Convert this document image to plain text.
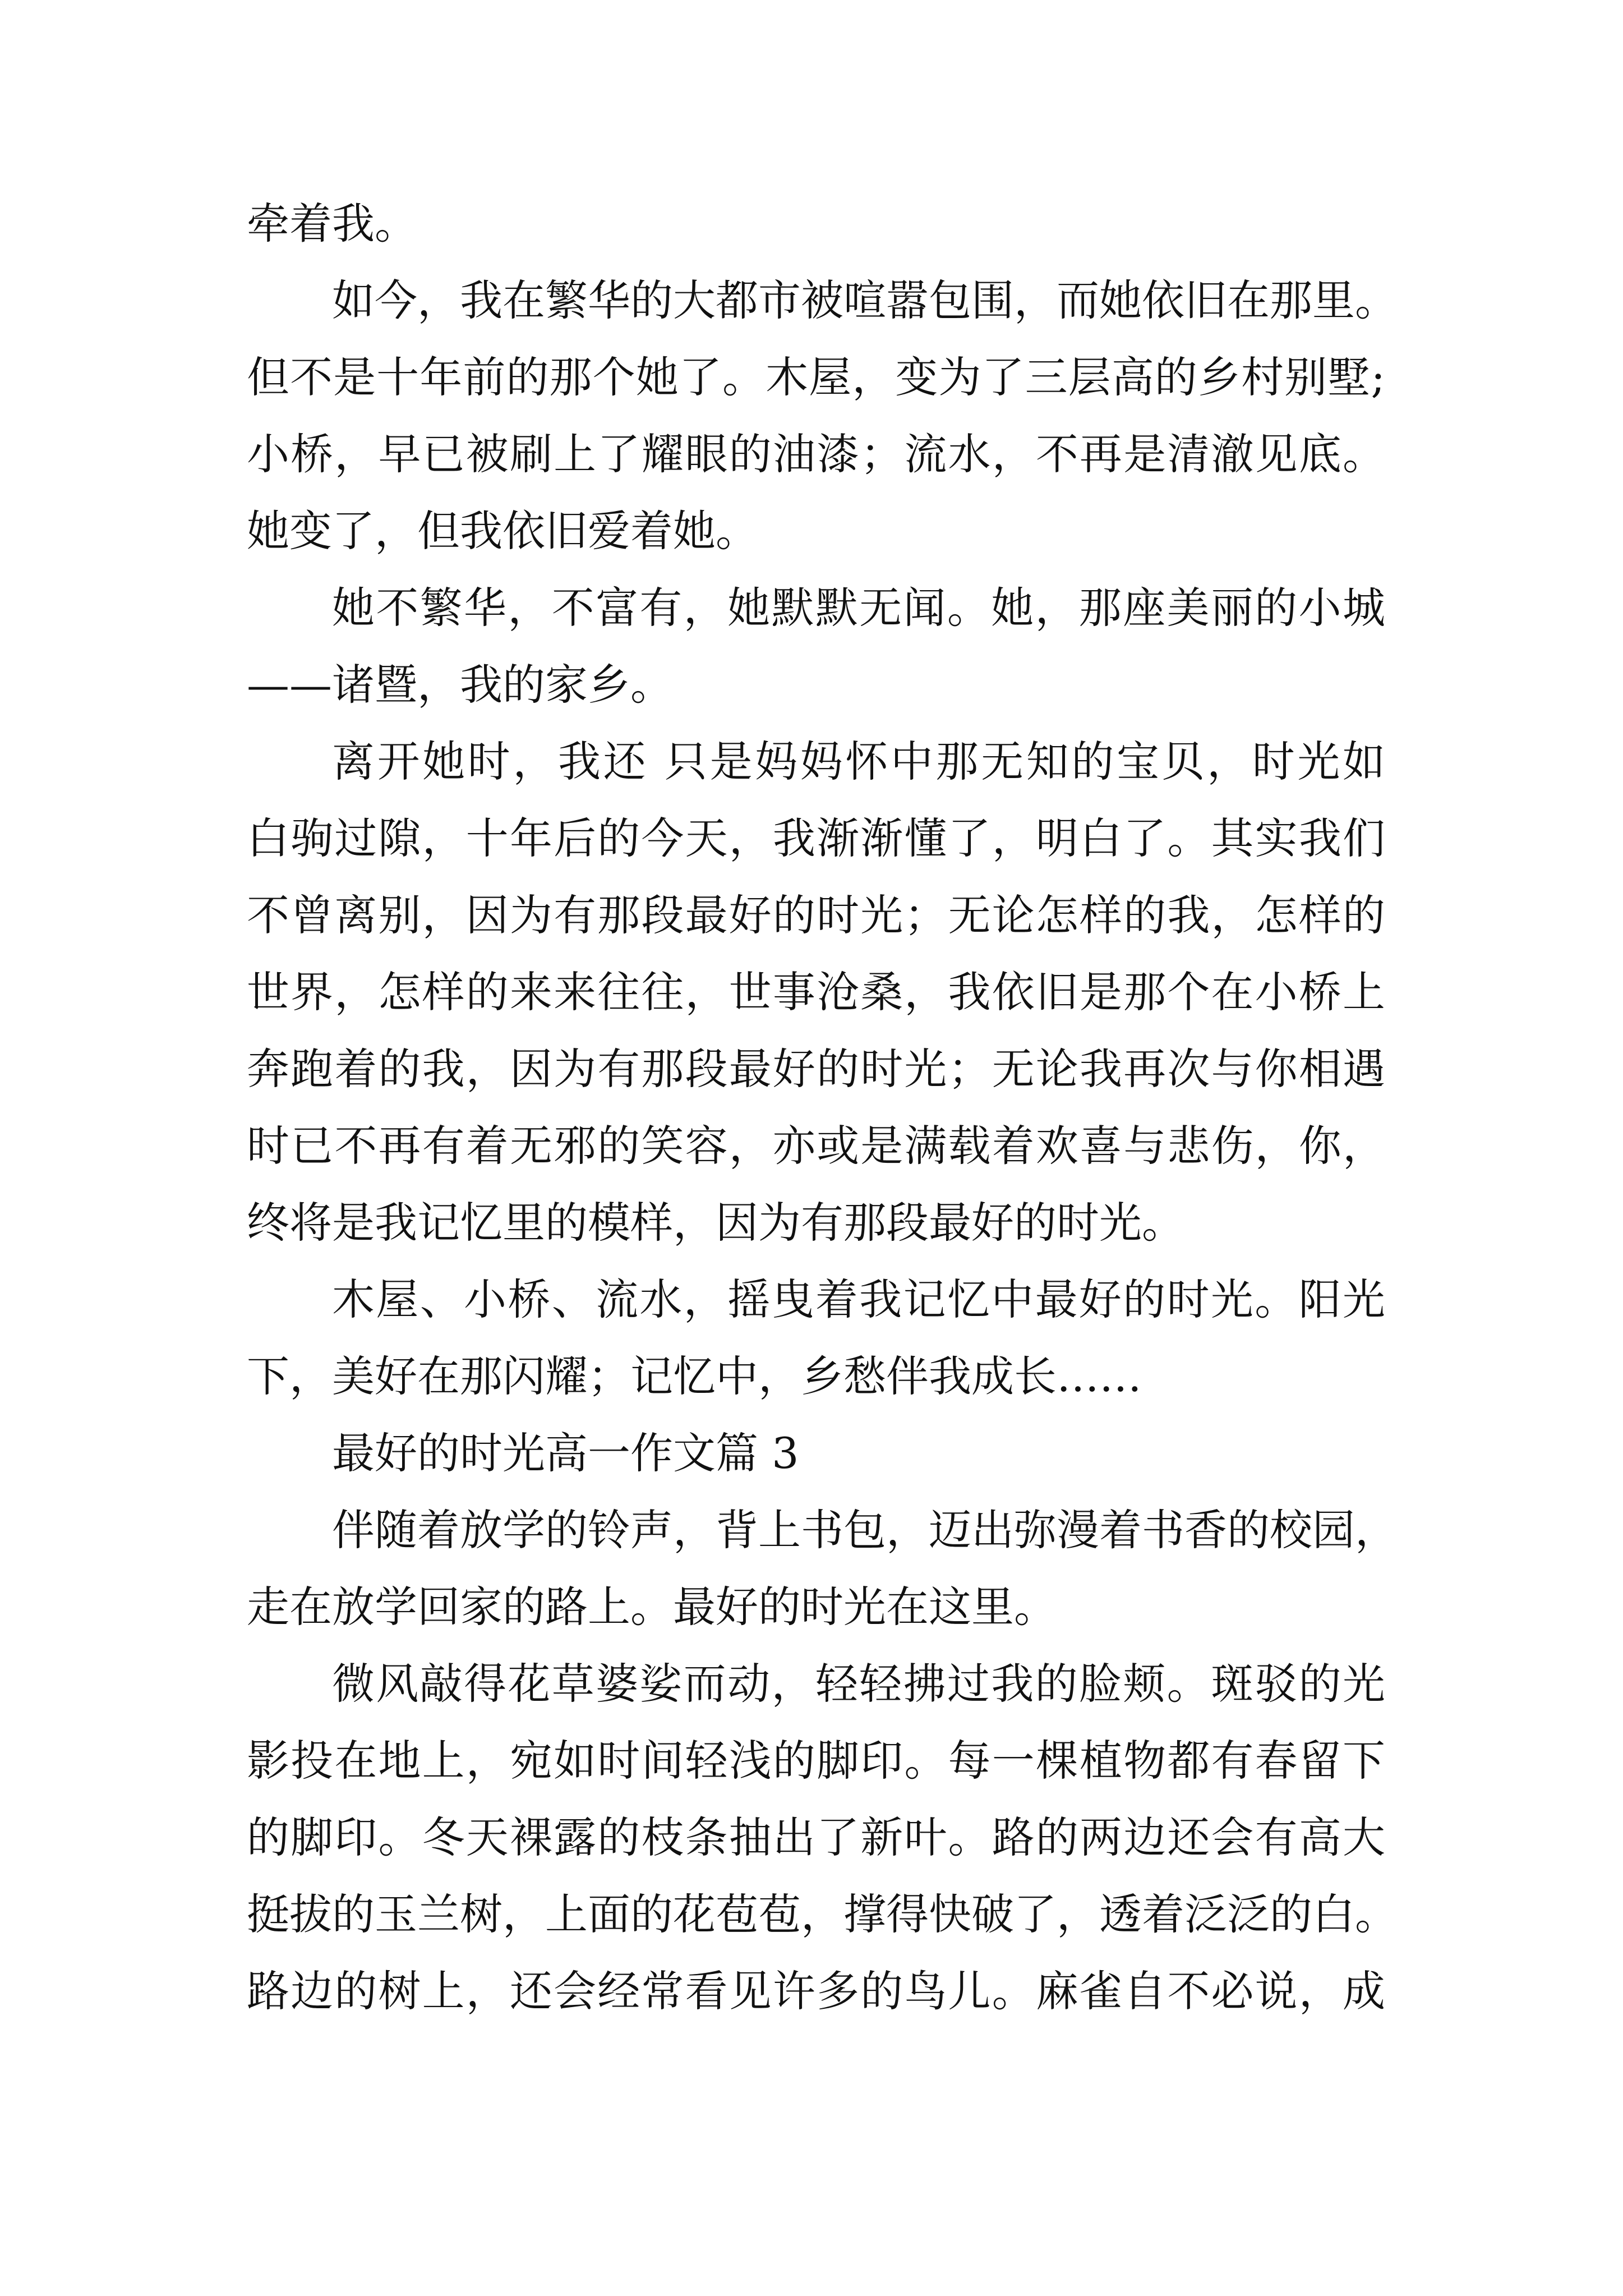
牵着我。
如今，我在繁华的大都市被喧嚣包围，而她依旧在那里。
但不是十年前的那个她了。木屋，变为了三层高的乡村别墅;
小桥，早已被刷上了耀眼的油漆；流水，不再是清澈见底。
她变了，但我依旧爱着她。
她不繁华，不富有，她默默无闻。她，那座美丽的小城
——诸暨，我的家乡。
离开她时，我还 只是妈妈怀中那无知的宝贝，时光如
白驹过隙，十年后的今天，我渐渐懂了，明白了。其实我们
不曾离别，因为有那段最好的时光；无论怎样的我，怎样的
世界，怎样的来来往往，世事沧桑，我依旧是那个在小桥上
奔跑着的我，因为有那段最好的时光；无论我再次与你相遇
时已不再有着无邪的笑容，亦或是满载着欢喜与悲伤，你，
终将是我记忆里的模样，因为有那段最好的时光。
木屋、小桥、流水，摇曳着我记忆中最好的时光。阳光
下，美好在那闪耀；记忆中，乡愁伴我成长……
最好的时光高一作文篇 3
伴随着放学的铃声，背上书包，迈出弥漫着书香的校园，
走在放学回家的路上。最好的时光在这里。
微风敲得花草婆娑而动，轻轻拂过我的脸颊。斑驳的光
影投在地上，宛如时间轻浅的脚印。每一棵植物都有春留下
的脚印。冬天裸露的枝条抽出了新叶。路的两边还会有高大
挺拔的玉兰树，上面的花苞苞，撑得快破了，透着泛泛的白。
路边的树上，还会经常看见许多的鸟儿。麻雀自不必说，成
